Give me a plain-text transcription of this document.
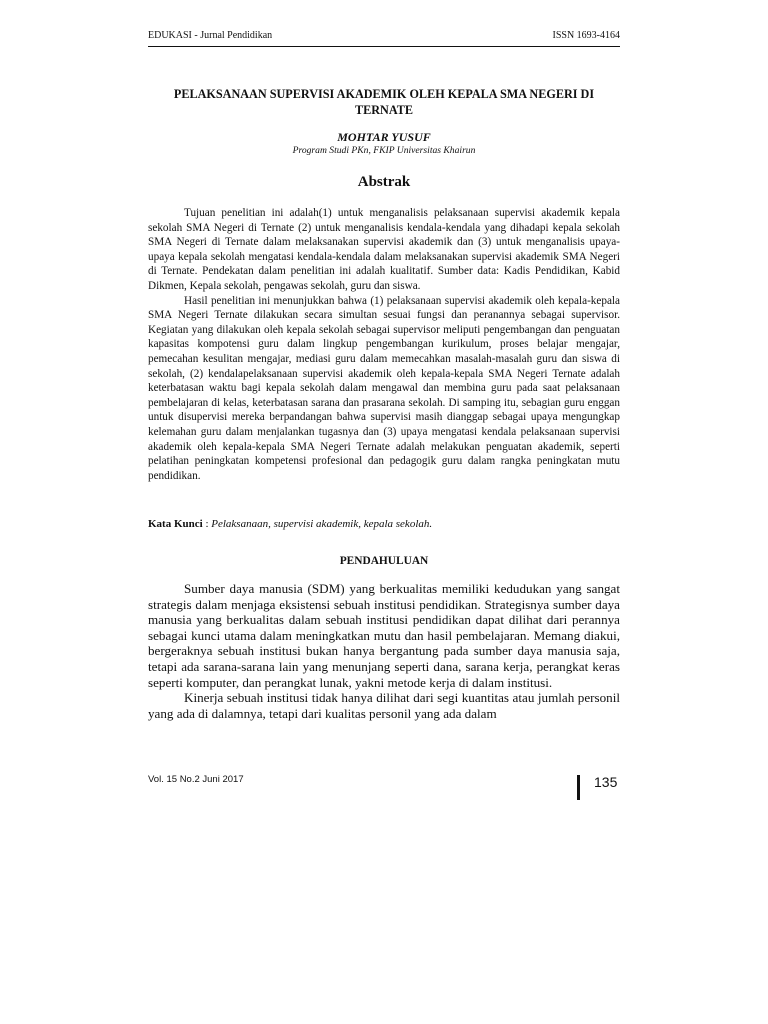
EDUKASI - Jurnal Pendidikan	ISSN 1693-4164
PELAKSANAAN SUPERVISI AKADEMIK OLEH KEPALA SMA NEGERI DI TERNATE
MOHTAR YUSUF
Program Studi PKn, FKIP Universitas Khairun
Abstrak

Tujuan penelitian ini adalah(1) untuk menganalisis pelaksanaan supervisi akademik kepala sekolah SMA Negeri di Ternate (2) untuk menganalisis kendala-kendala yang dihadapi kepala sekolah SMA Negeri di Ternate dalam melaksanakan supervisi akademik dan (3) untuk menganalisis upaya-upaya kepala sekolah mengatasi kendala-kendala dalam melaksanakan supervisi akademik SMA Negeri di Ternate. Pendekatan dalam penelitian ini adalah kualitatif. Sumber data: Kadis Pendidikan, Kabid Dikmen, Kepala sekolah, pengawas sekolah, guru dan siswa.

Hasil penelitian ini menunjukkan bahwa (1) pelaksanaan supervisi akademik oleh kepala-kepala SMA Negeri Ternate dilakukan secara simultan sesuai fungsi dan peranannya sebagai supervisor. Kegiatan yang dilakukan oleh kepala sekolah sebagai supervisor meliputi pengembangan dan penguatan kapasitas kompotensi guru dalam lingkup pengembangan kurikulum, proses belajar mengajar, pemecahan kesulitan mengajar, mediasi guru dalam memecahkan masalah-masalah guru dan siswa di sekolah, (2) kendalapelaksanaan supervisi akademik oleh kepala-kepala SMA Negeri Ternate adalah keterbatasan waktu bagi kepala sekolah dalam mengawal dan membina guru pada saat pelaksanaan pembelajaran di kelas, keterbatasan sarana dan prasarana sekolah. Di samping itu, sebagian guru enggan untuk disupervisi mereka berpandangan bahwa supervisi masih dianggap sebagai upaya mengungkap kelemahan guru dalam menjalankan tugasnya dan (3) upaya mengatasi kendala pelaksanaan supervisi akademik oleh kepala-kepala SMA Negeri Ternate adalah melakukan penguatan akademik, seperti pelatihan peningkatan kompetensi profesional dan pedagogik guru dalam rangka peningkatan mutu pendidikan.

Kata Kunci : Pelaksanaan, supervisi akademik, kepala sekolah.
PENDAHULUAN

Sumber daya manusia (SDM) yang berkualitas memiliki kedudukan yang sangat strategis dalam menjaga eksistensi sebuah institusi pendidikan. Strategisnya sumber daya manusia yang berkualitas dalam sebuah institusi pendidikan dapat dilihat dari perannya sebagai kunci utama dalam meningkatkan mutu dan hasil pembelajaran. Memang diakui, bergeraknya sebuah institusi bukan hanya bergantung pada sumber daya manusia saja, tetapi ada sarana-sarana lain yang menunjang seperti dana, sarana kerja, perangkat keras seperti komputer, dan perangkat lunak, yakni metode kerja di dalam institusi.

Kinerja sebuah institusi tidak hanya dilihat dari segi kuantitas atau jumlah personil yang ada di dalamnya, tetapi dari kualitas personil yang ada dalam

Vol. 15 No.2 Juni 2017	135
